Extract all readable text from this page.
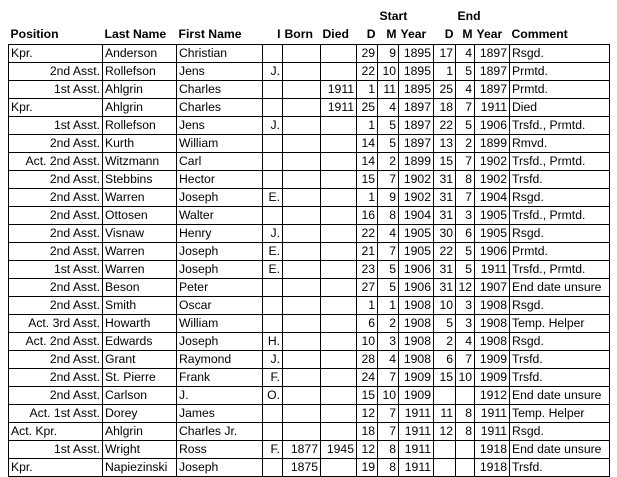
							Start			End		
Position	Last Name	First Name	I	Born	Died	D	M	Year	D	M	Year	Comment
Kpr.	Anderson	Christian				29	9	1895	17	4	1897	Rsgd.
2nd Asst.	Rollefson	Jens	J.			22	10	1895	1	5	1897	Prmtd.
1st Asst.	Ahlgrin	Charles			1911	1	11	1895	25	4	1897	Prmtd.
Kpr.	Ahlgrin	Charles			1911	25	4	1897	18	7	1911	Died
1st Asst.	Rollefson	Jens	J.			1	5	1897	22	5	1906	Trsfd., Prmtd.
2nd Asst.	Kurth	William				14	5	1897	13	2	1899	Rmvd.
Act. 2nd Asst.	Witzmann	Carl				14	2	1899	15	7	1902	Trsfd., Prmtd.
2nd Asst.	Stebbins	Hector				15	7	1902	31	8	1902	Trsfd.
2nd Asst.	Warren	Joseph	E.			1	9	1902	31	7	1904	Rsgd.
2nd Asst.	Ottosen	Walter				16	8	1904	31	3	1905	Trsfd., Prmtd.
2nd Asst.	Visnaw	Henry	J.			22	4	1905	30	6	1905	Rsgd.
2nd Asst.	Warren	Joseph	E.			21	7	1905	22	5	1906	Prmtd.
1st Asst.	Warren	Joseph	E.			23	5	1906	31	5	1911	Trsfd., Prmtd.
2nd Asst.	Beson	Peter				27	5	1906	31	12	1907	End date unsure
2nd Asst.	Smith	Oscar				1	1	1908	10	3	1908	Rsgd.
Act. 3rd Asst.	Howarth	William				6	2	1908	5	3	1908	Temp. Helper
Act. 2nd Asst.	Edwards	Joseph	H.			10	3	1908	2	4	1908	Rsgd.
2nd Asst.	Grant	Raymond	J.			28	4	1908	6	7	1909	Trsfd.
2nd Asst.	St. Pierre	Frank	F.			24	7	1909	15	10	1909	Trsfd.
2nd Asst.	Carlson	J.	O.			15	10	1909			1912	End date unsure
Act. 1st Asst.	Dorey	James				12	7	1911	11	8	1911	Temp. Helper
Act. Kpr.	Ahlgrin	Charles Jr.				18	7	1911	12	8	1911	Rsgd.
1st Asst.	Wright	Ross	F.	1877	1945	12	8	1911			1918	End date unsure
Kpr.	Napiezinski	Joseph		1875		19	8	1911			1918	Trsfd.
